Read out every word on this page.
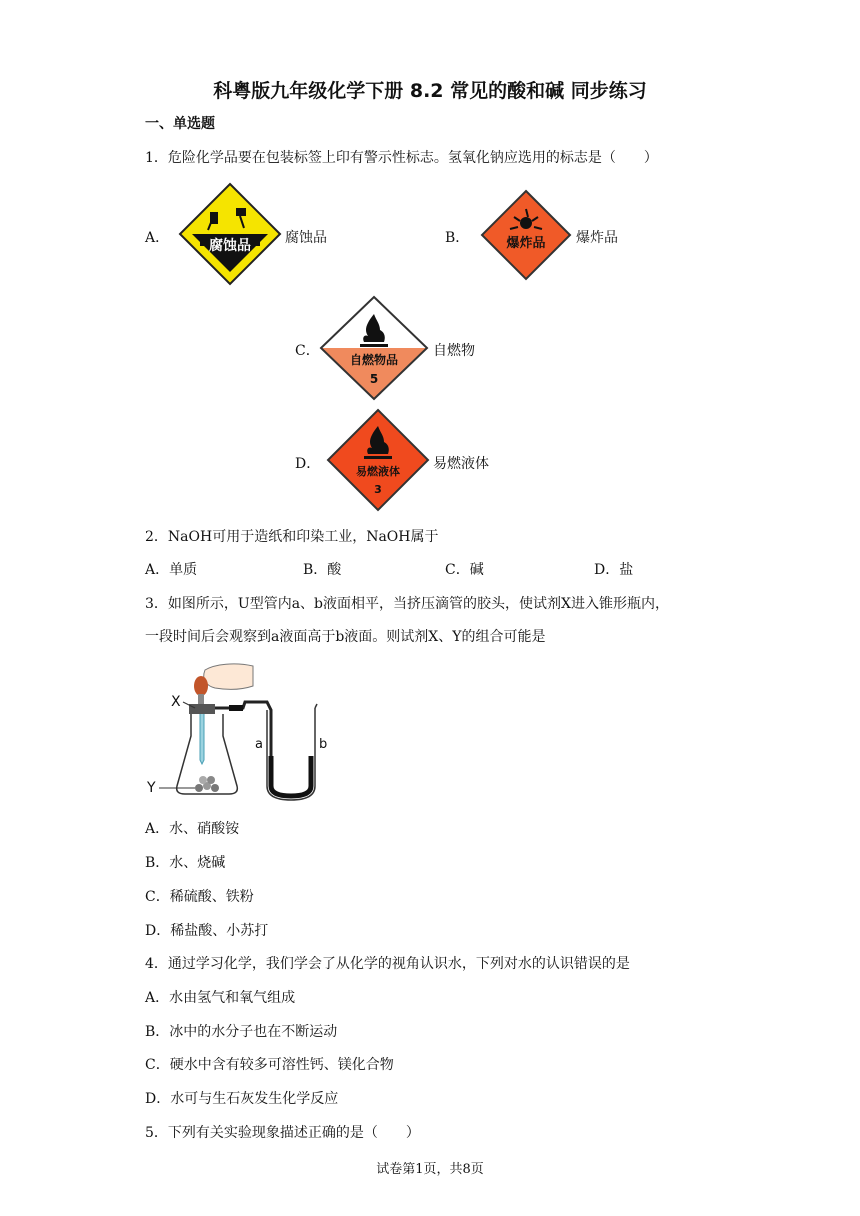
科粤版九年级化学下册 8.2 常见的酸和碱 同步练习
一、单选题
1．危险化学品要在包装标签上印有警示性标志。氢氧化钠应选用的标志是（　　）
A．	腐蚀品 腐蚀品	B．	爆炸品 爆炸品
C．
自燃物品
5
自燃物
D．	易燃液体
3
易燃液体
2．NaOH可用于造纸和印染工业，NaOH属于
A．单质	B．酸	C．碱	D．盐
3．如图所示，U型管内a、b液面相平，当挤压滴管的胶头，使试剂X进入锥形瓶内，
一段时间后会观察到a液面高于b液面。则试剂X、Y的组合可能是
X
Y
a	b
A．水、硝酸铵
B．水、烧碱
C．稀硫酸、铁粉
D．稀盐酸、小苏打
4．通过学习化学，我们学会了从化学的视角认识水，下列对水的认识错误的是
A．水由氢气和氧气组成
B．冰中的水分子也在不断运动
C．硬水中含有较多可溶性钙、镁化合物
D．水可与生石灰发生化学反应
5．下列有关实验现象描述正确的是（　　）
试卷第1页，共8页
